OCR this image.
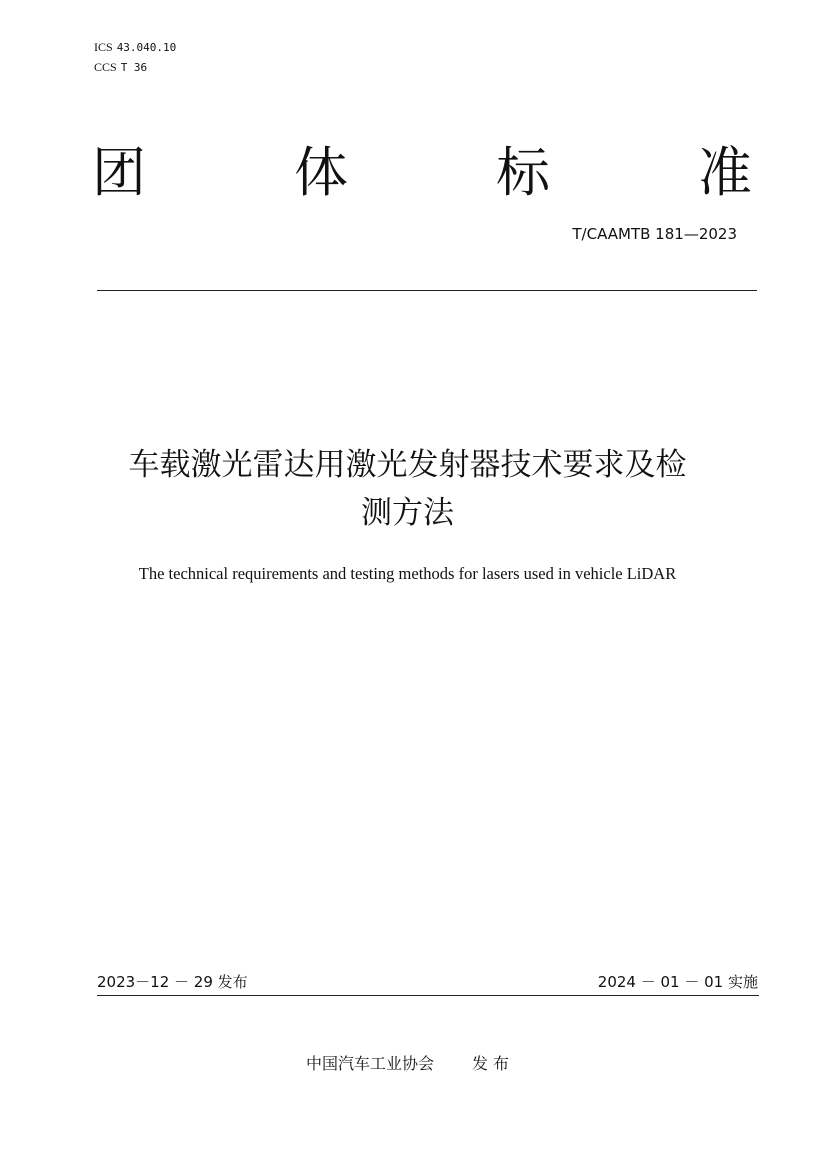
ICS 43.040.10
CCS T 36
团	体	标	准
T/CAAMTB 181—2023
车载激光雷达用激光发射器技术要求及检
测方法
The technical requirements and testing methods for lasers used in vehicle LiDAR
2023－12 － 29 发布	2024 － 01 － 01 实施
中国汽车工业协会 发 布
